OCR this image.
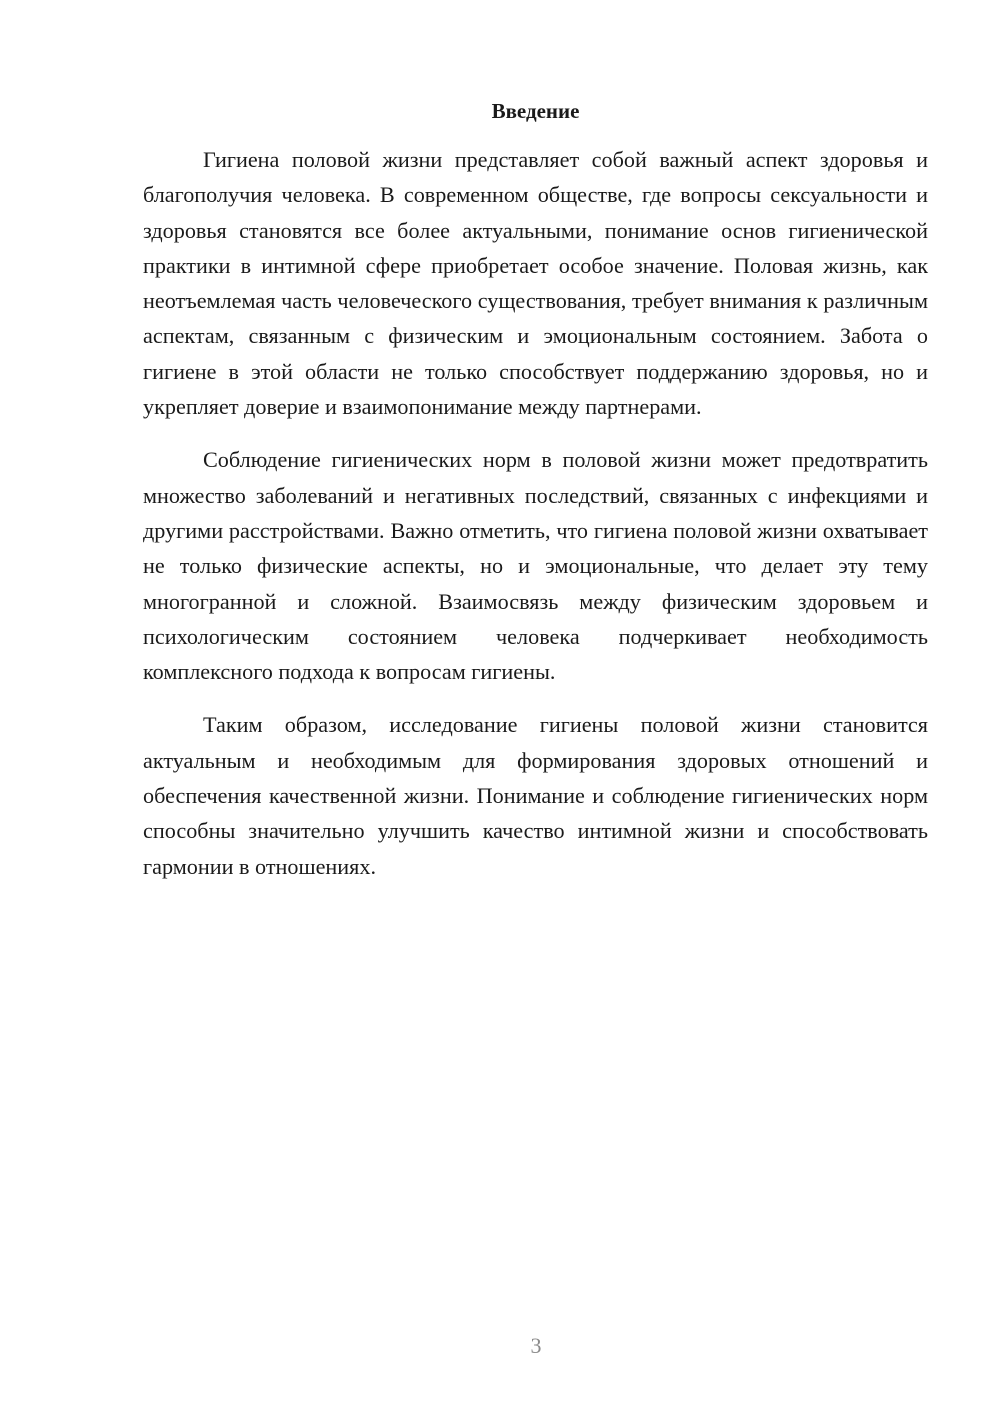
Введение

Гигиена половой жизни представляет собой важный аспект здоровья и благополучия человека. В современном обществе, где вопросы сексуальности и здоровья становятся все более актуальными, понимание основ гигиенической практики в интимной сфере приобретает особое значение. Половая жизнь, как неотъемлемая часть человеческого существования, требует внимания к различным аспектам, связанным с физическим и эмоциональным состоянием. Забота о гигиене в этой области не только способствует поддержанию здоровья, но и укрепляет доверие и взаимопонимание между партнерами.

Соблюдение гигиенических норм в половой жизни может предотвратить множество заболеваний и негативных последствий, связанных с инфекциями и другими расстройствами. Важно отметить, что гигиена половой жизни охватывает не только физические аспекты, но и эмоциональные, что делает эту тему многогранной и сложной. Взаимосвязь между физическим здоровьем и психологическим состоянием человека подчеркивает необходимость комплексного подхода к вопросам гигиены.

Таким образом, исследование гигиены половой жизни становится актуальным и необходимым для формирования здоровых отношений и обеспечения качественной жизни. Понимание и соблюдение гигиенических норм способны значительно улучшить качество интимной жизни и способствовать гармонии в отношениях.

3
